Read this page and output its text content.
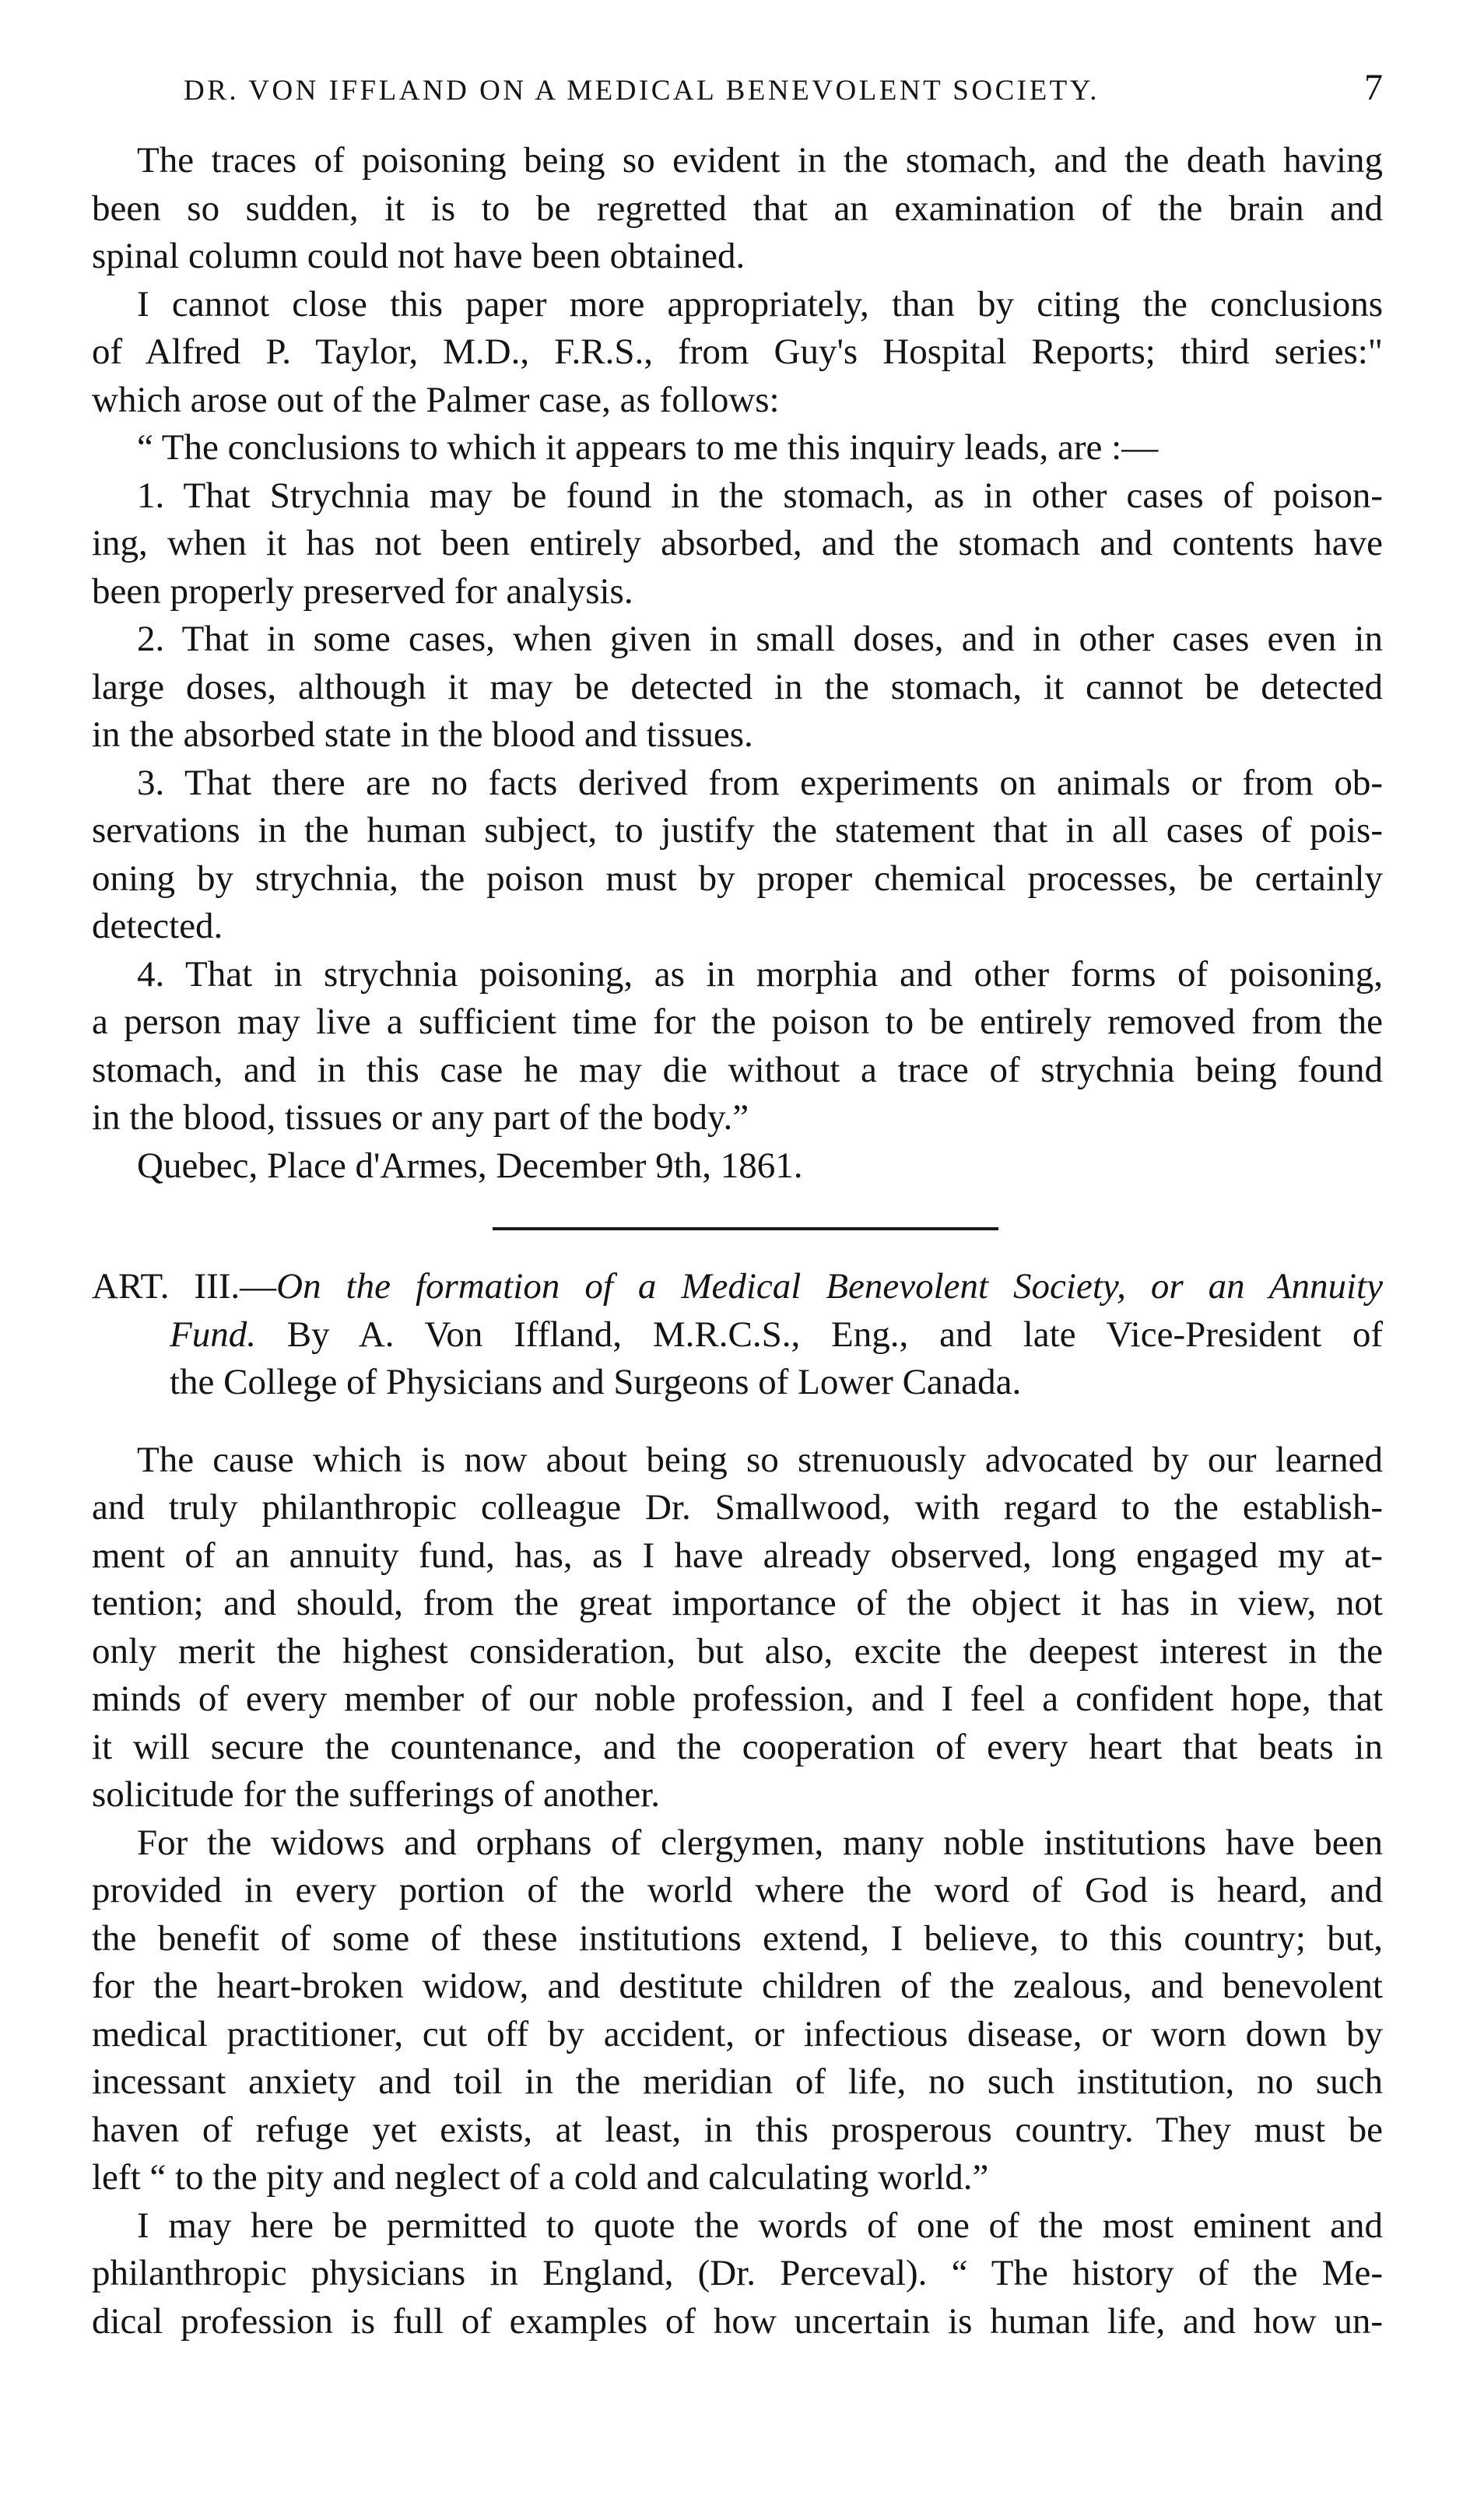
DR. VON IFFLAND ON A MEDICAL BENEVOLENT SOCIETY.	7

The traces of poisoning being so evident in the stomach, and the death having
been so sudden, it is to be regretted that an examination of the brain and
spinal column could not have been obtained.

I cannot close this paper more appropriately, than by citing the conclusions
of Alfred P. Taylor, M.D., F.R.S., from Guy's Hospital Reports; third series:"
which arose out of the Palmer case, as follows:

“ The conclusions to which it appears to me this inquiry leads, are :—

1. That Strychnia may be found in the stomach, as in other cases of poison-
ing, when it has not been entirely absorbed, and the stomach and contents have
been properly preserved for analysis.

2. That in some cases, when given in small doses, and in other cases even in
large doses, although it may be detected in the stomach, it cannot be detected
in the absorbed state in the blood and tissues.

3. That there are no facts derived from experiments on animals or from ob-
servations in the human subject, to justify the statement that in all cases of pois-
oning by strychnia, the poison must by proper chemical processes, be certainly
detected.

4. That in strychnia poisoning, as in morphia and other forms of poisoning,
a person may live a sufficient time for the poison to be entirely removed from the
stomach, and in this case he may die without a trace of strychnia being found
in the blood, tissues or any part of the body.”

Quebec, Place d'Armes, December 9th, 1861.

ART. III.—On the formation of a Medical Benevolent Society, or an Annuity
Fund. By A. Von Iffland, M.R.C.S., Eng., and late Vice-President of
the College of Physicians and Surgeons of Lower Canada.

The cause which is now about being so strenuously advocated by our learned
and truly philanthropic colleague Dr. Smallwood, with regard to the establish-
ment of an annuity fund, has, as I have already observed, long engaged my at-
tention; and should, from the great importance of the object it has in view, not
only merit the highest consideration, but also, excite the deepest interest in the
minds of every member of our noble profession, and I feel a confident hope, that
it will secure the countenance, and the cooperation of every heart that beats in
solicitude for the sufferings of another.

For the widows and orphans of clergymen, many noble institutions have been
provided in every portion of the world where the word of God is heard, and
the benefit of some of these institutions extend, I believe, to this country; but,
for the heart-broken widow, and destitute children of the zealous, and benevolent
medical practitioner, cut off by accident, or infectious disease, or worn down by
incessant anxiety and toil in the meridian of life, no such institution, no such
haven of refuge yet exists, at least, in this prosperous country. They must be
left “ to the pity and neglect of a cold and calculating world.”

I may here be permitted to quote the words of one of the most eminent and
philanthropic physicians in England, (Dr. Perceval). “ The history of the Me-
dical profession is full of examples of how uncertain is human life, and how un-
